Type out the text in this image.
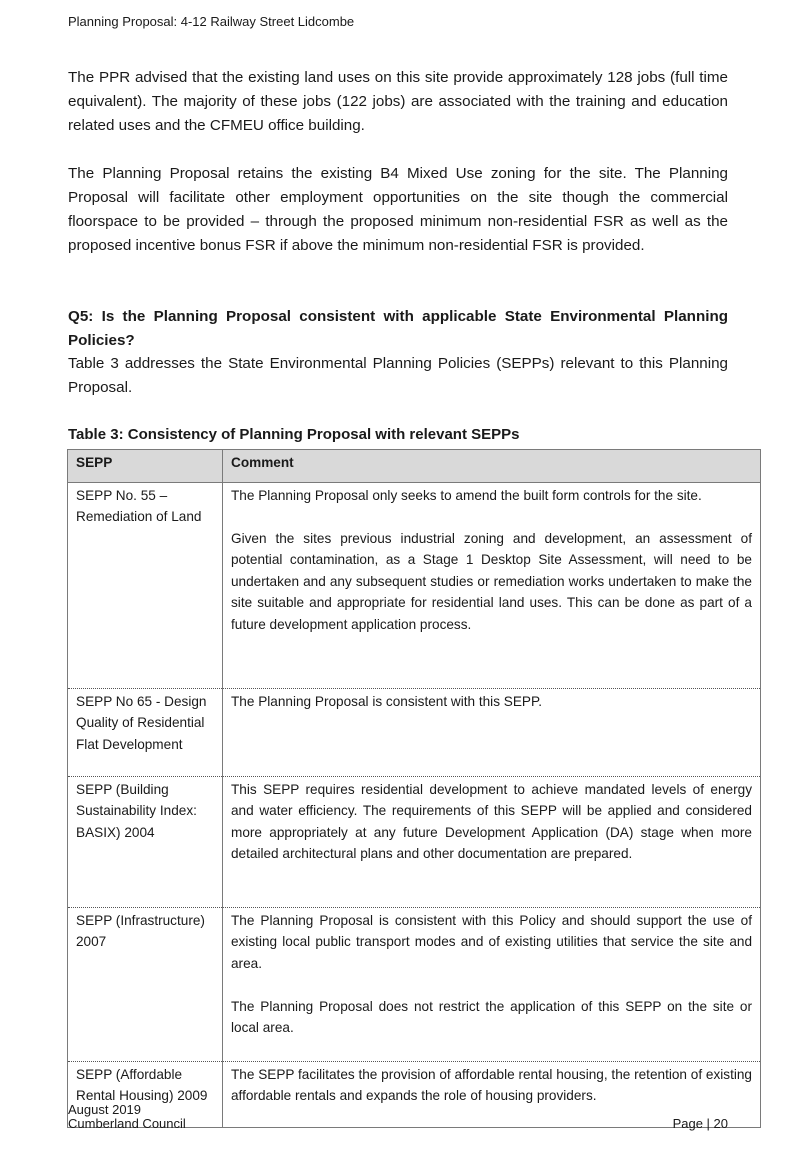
Planning Proposal: 4-12 Railway Street Lidcombe

The PPR advised that the existing land uses on this site provide approximately 128 jobs (full time equivalent). The majority of these jobs (122 jobs) are associated with the training and education related uses and the CFMEU office building.

The Planning Proposal retains the existing B4 Mixed Use zoning for the site. The Planning Proposal will facilitate other employment opportunities on the site though the commercial floorspace to be provided – through the proposed minimum non-residential FSR as well as the proposed incentive bonus FSR if above the minimum non-residential FSR is provided.

Q5: Is the Planning Proposal consistent with applicable State Environmental Planning Policies?

Table 3 addresses the State Environmental Planning Policies (SEPPs) relevant to this Planning Proposal.

Table 3: Consistency of Planning Proposal with relevant SEPPs

SEPP	Comment
SEPP No. 55 – Remediation of Land	The Planning Proposal only seeks to amend the built form controls for the site.

Given the sites previous industrial zoning and development, an assessment of potential contamination, as a Stage 1 Desktop Site Assessment, will need to be undertaken and any subsequent studies or remediation works undertaken to make the site suitable and appropriate for residential land uses. This can be done as part of a future development application process.

SEPP No 65 - Design Quality of Residential Flat Development	The Planning Proposal is consistent with this SEPP.

SEPP (Building Sustainability Index: BASIX) 2004	This SEPP requires residential development to achieve mandated levels of energy and water efficiency. The requirements of this SEPP will be applied and considered more appropriately at any future Development Application (DA) stage when more detailed architectural plans and other documentation are prepared.

SEPP (Infrastructure) 2007	The Planning Proposal is consistent with this Policy and should support the use of existing local public transport modes and of existing utilities that service the site and area.

The Planning Proposal does not restrict the application of this SEPP on the site or local area.

SEPP (Affordable Rental Housing) 2009	The SEPP facilitates the provision of affordable rental housing, the retention of existing affordable rentals and expands the role of housing providers.

August 2019
Cumberland Council	Page | 20
